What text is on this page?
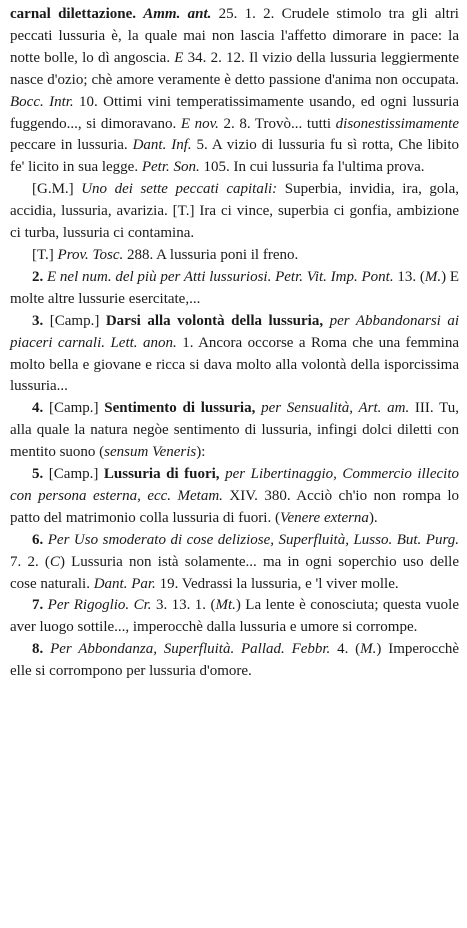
carnal dilettazione. Amm. ant. 25. 1. 2. Crudele stimolo tra gli altri peccati lussuria è, la quale mai non lascia l'affetto dimorare in pace: la notte bolle, lo dì angoscia. E 34. 2. 12. Il vizio della lussuria leggiermente nasce d'ozio; chè amore veramente è detto passione d'anima non occupata. Bocc. Intr. 10. Ottimi vini temperatissimamente usando, ed ogni lussuria fuggendo..., si dimoravano. E nov. 2. 8. Trovò... tutti disonestissimamente peccare in lussuria. Dant. Inf. 5. A vizio di lussuria fu sì rotta, Che libito fe' licito in sua legge. Petr. Son. 105. In cui lussuria fa l'ultima prova.

[G.M.] Uno dei sette peccati capitali: Superbia, invidia, ira, gola, accidia, lussuria, avarizia. [T.] Ira ci vince, superbia ci gonfia, ambizione ci turba, lussuria ci contamina.

[T.] Prov. Tosc. 288. A lussuria poni il freno.

2. E nel num. del più per Atti lussuriosi. Petr. Vit. Imp. Pont. 13. (M.) E molte altre lussurie esercitate,...

3. [Camp.] Darsi alla volontà della lussuria, per Abbandonarsi ai piaceri carnali. Lett. anon. 1. Ancora occorse a Roma che una femmina molto bella e giovane e ricca si dava molto alla volontà della isporcissima lussuria...

4. [Camp.] Sentimento di lussuria, per Sensualità, Art. am. III. Tu, alla quale la natura negòe sentimento di lussuria, infingi dolci diletti con mentito suono (sensum Veneris):

5. [Camp.] Lussuria di fuori, per Libertinaggio, Commercio illecito con persona esterna, ecc. Metam. XIV. 380. Acciò ch'io non rompa lo patto del matrimonio colla lussuria di fuori. (Venere externa).

6. Per Uso smoderato di cose deliziose, Superfluità, Lusso. But. Purg. 7. 2. (C) Lussuria non istà solamente... ma in ogni soperchio uso delle cose naturali. Dant. Par. 19. Vedrassi la lussuria, e 'l viver molle.

7. Per Rigoglio. Cr. 3. 13. 1. (Mt.) La lente è conosciuta; questa vuole aver luogo sottile..., imperocchè dalla lussuria e umore si corrompe.

8. Per Abbondanza, Superfluità. Pallad. Febbr. 4. (M.) Imperocchè elle si corrompono per lussuria d'omore.
